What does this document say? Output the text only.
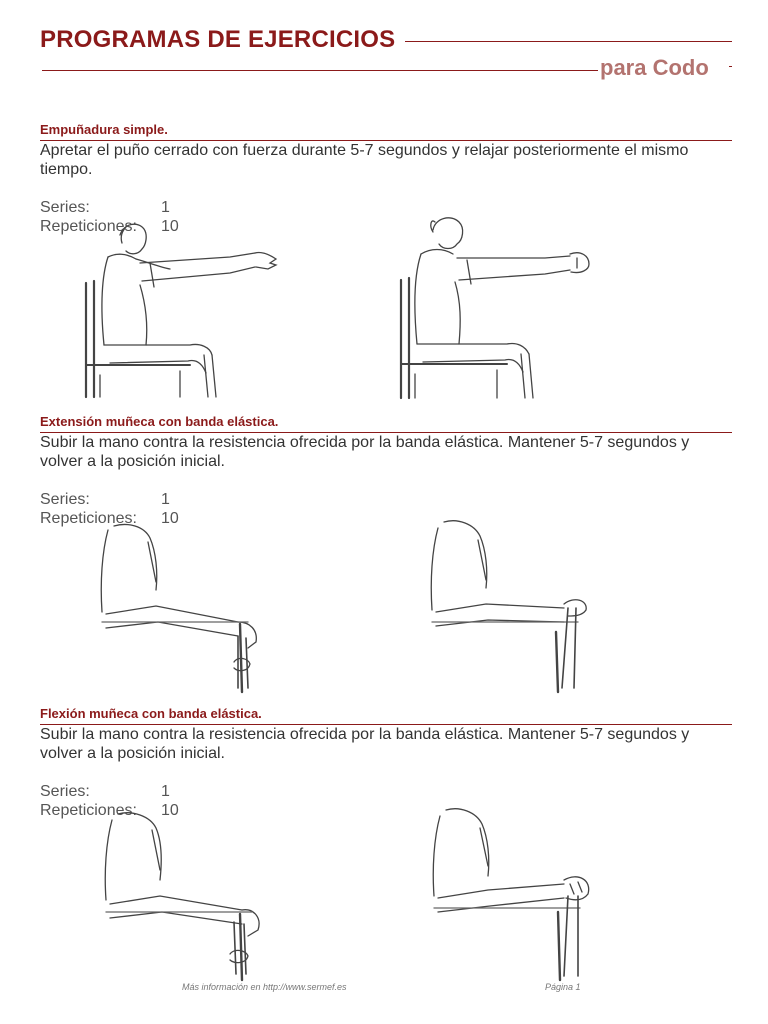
PROGRAMAS DE EJERCICIOS
para Codo
Empuñadura simple.
Apretar el puño cerrado con fuerza durante 5-7 segundos y relajar posteriormente el mismo tiempo.
Series:	1
Repeticiones: 10
Extensión muñeca con banda elástica.
Subir la mano contra la resistencia ofrecida por la banda elástica. Mantener 5-7 segundos y volver a la posición inicial.
Series:	1
Repeticiones: 10
Flexión muñeca con banda elástica.
Subir la mano contra la resistencia ofrecida por la banda elástica. Mantener 5-7 segundos y volver a la posición inicial.
Series:	1
Repeticiones: 10
Más información en http://www.sermef.es	Página 1
